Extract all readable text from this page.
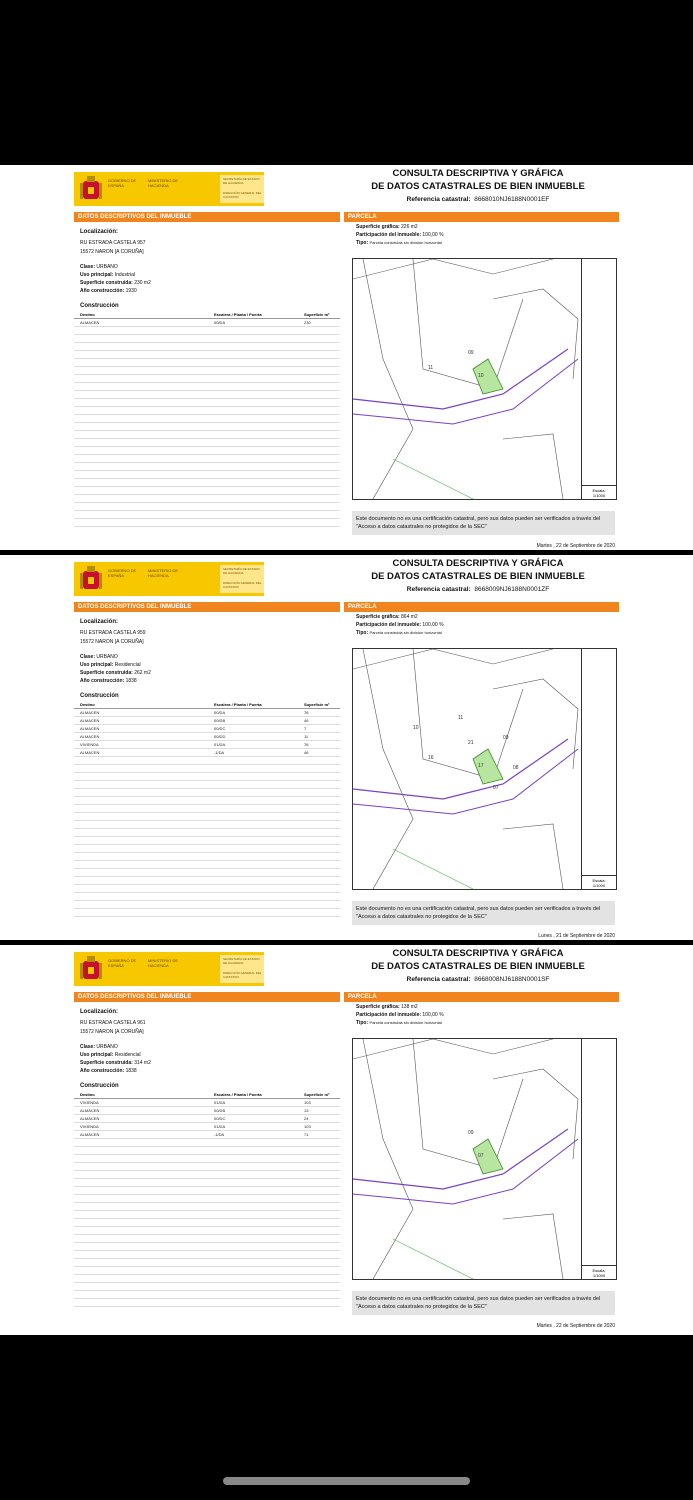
GOBIERNO DE ESPAÑA
MINISTERIO DE HACIENDA
SECRETARÍA DE ESTADO DE HACIENDA
DIRECCIÓN GENERAL DEL CATASTRO
CONSULTA DESCRIPTIVA Y GRÁFICA
DE DATOS CATASTRALES DE BIEN INMUEBLE
Referencia catastral: 8668010NJ6188N0001EF
DATOS DESCRIPTIVOS DEL INMUEBLE	PARCELA
Localización:
RU ESTRADA CASTELA 957
15572 NARON [A CORUÑA]
Clase: URBANO
Uso principal: Industrial
Superficie construida: 230 m2
Año construcción: 1930
Construcción
Destino	Escalera / Planta / Puerta	Superficie m²
ALMACEN	00/DA	230
Superficie gráfica: 226 m2
Participación del inmueble: 100,00 %
Tipo: Parcela construida sin división horizontal
09
10
11
Escala:
1/1000
Este documento no es una certificación catastral, pero sus datos pueden ser verificados a través del "Acceso a datos catastrales no protegidos de la SEC"
Martes , 22 de Septiembre de 2020
GOBIERNO DE ESPAÑA
MINISTERIO DE HACIENDA
SECRETARÍA DE ESTADO DE HACIENDA
DIRECCIÓN GENERAL DEL CATASTRO
CONSULTA DESCRIPTIVA Y GRÁFICA
DE DATOS CATASTRALES DE BIEN INMUEBLE
Referencia catastral: 8668009NJ6188N0001ZF
DATOS DESCRIPTIVOS DEL INMUEBLE	PARCELA
Localización:
RU ESTRADA CASTELA 959
15572 NARON [A CORUÑA]
Clase: URBANO
Uso principal: Residencial
Superficie construida: 262 m2
Año construcción: 1838
Construcción
Destino	Escalera / Planta / Puerta	Superficie m²
ALMACEN	00/DA	76
ALMACEN	00/DB	46
ALMACEN	00/DC	7
ALMACEN	00/DD	11
VIVIENDA	01/DA	76
ALMACEN	-1/DA	46
Superficie gráfica: 864 m2
Participación del inmueble: 100,00 %
Tipo: Parcela construida sin división horizontal
21
17
16
11
10
09
08
07
Escala:
1/1000
Este documento no es una certificación catastral, pero sus datos pueden ser verificados a través del "Acceso a datos catastrales no protegidos de la SEC"
Lunes , 21 de Septiembre de 2020
GOBIERNO DE ESPAÑA
MINISTERIO DE HACIENDA
SECRETARÍA DE ESTADO DE HACIENDA
DIRECCIÓN GENERAL DEL CATASTRO
CONSULTA DESCRIPTIVA Y GRÁFICA
DE DATOS CATASTRALES DE BIEN INMUEBLE
Referencia catastral: 8668008NJ6188N0001SF
DATOS DESCRIPTIVOS DEL INMUEBLE	PARCELA
Localización:
RU ESTRADA CASTELA 961
15572 NARON [A CORUÑA]
Clase: URBANO
Uso principal: Residencial
Superficie construida: 314 m2
Año construcción: 1838
Construcción
Destino	Escalera / Planta / Puerta	Superficie m²
VIVIENDA	01/DA	103
ALMACEN	00/DB	13
ALMACEN	00/DC	24
VIVIENDA	01/DA	103
ALMACEN	-1/DA	71
Superficie gráfica: 138 m2
Participación del inmueble: 100,00 %
Tipo: Parcela construida sin división horizontal
09
07
Escala:
1/1000
Este documento no es una certificación catastral, pero sus datos pueden ser verificados a través del "Acceso a datos catastrales no protegidos de la SEC"
Martes , 22 de Septiembre de 2020
